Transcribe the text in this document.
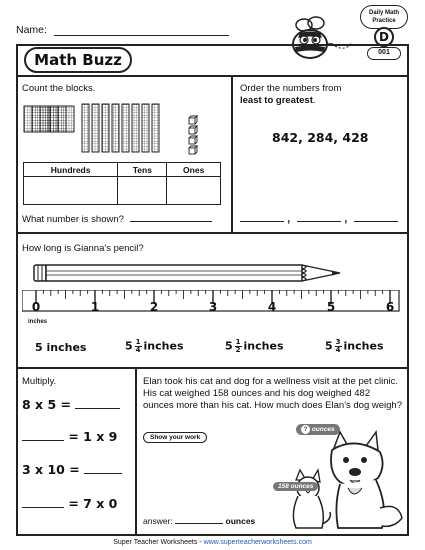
Name:
Daily Math
Practice
D
001
Math Buzz
Count the blocks.
Hundreds	Tens	Ones

What number is shown?
Order the numbers from
least to greatest.
842, 284, 428
,	,
How long is Gianna's pencil?
0	1	2	3	4	5	6
inches
5 inches	$5 \frac{1}{4}$ inches	$5 \frac{1}{2}$ inches	$5 \frac{3}{4}$ inches
Multiply.
8 x 5 =
= 1 x 9
3 x 10 =
= 7 x 0
Elan took his cat and dog for a wellness visit at the pet clinic. His cat weighed 158 ounces and his dog weighed 482 ounces more than his cat. How much does Elan's dog weigh?
Show your work
? ounces
158 ounces
answer:	ounces
Super Teacher Worksheets - www.superteacherworksheets.com
